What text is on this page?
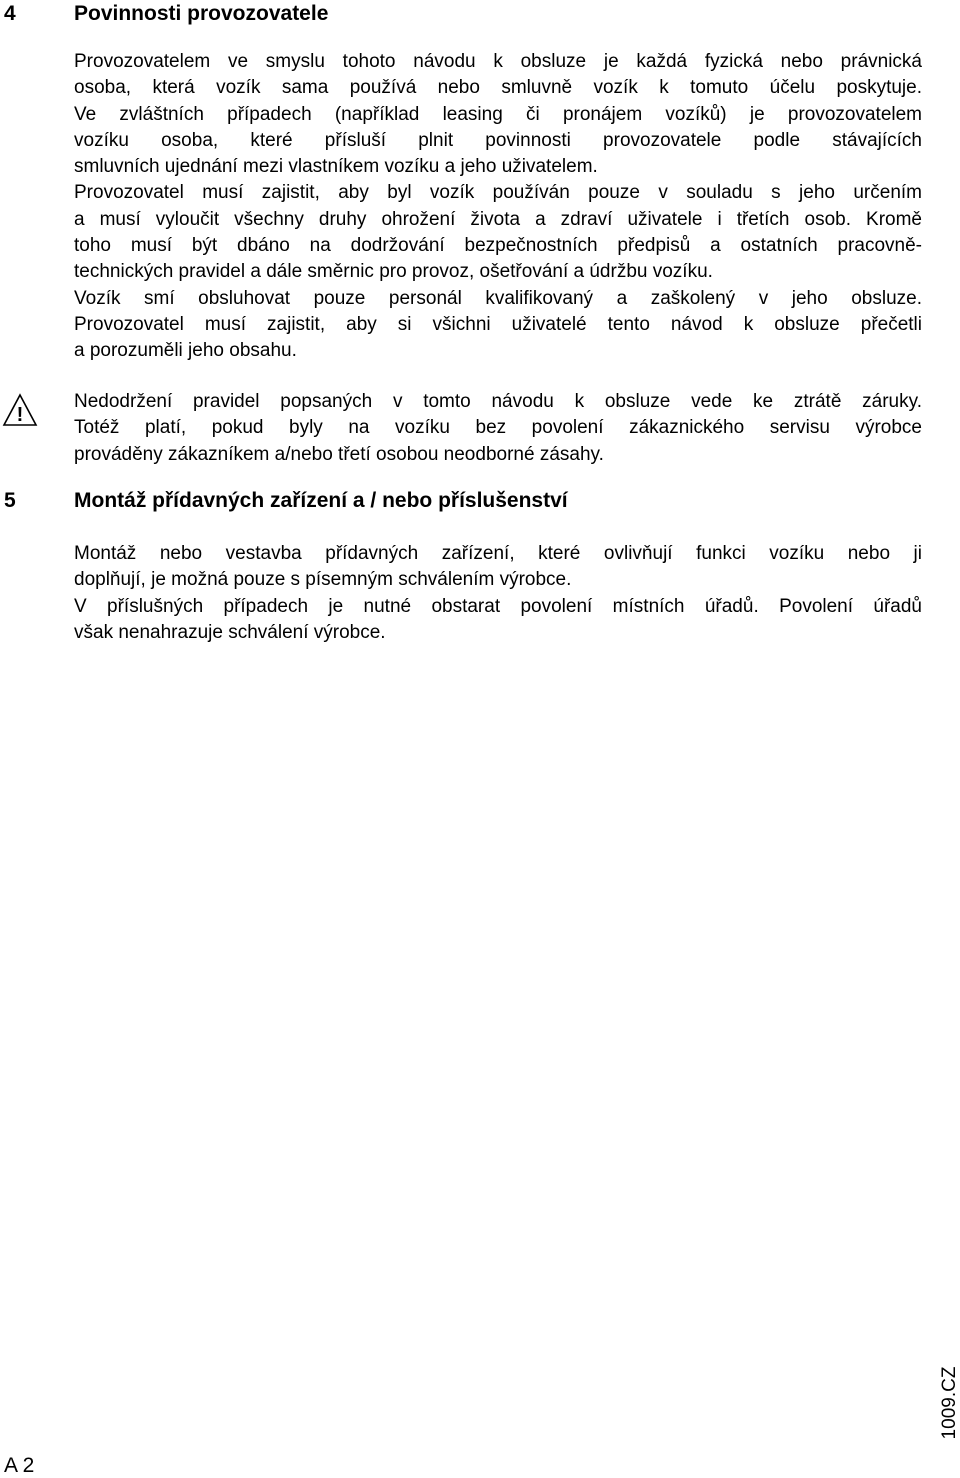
4	Povinnosti provozovatele
Provozovatelem ve smyslu tohoto návodu k obsluze je každá fyzická nebo právnická
osoba, která vozík sama používá nebo smluvně vozík k tomuto účelu poskytuje.
Ve zvláštních případech (například leasing či pronájem vozíků) je provozovatelem
vozíku osoba, které přísluší plnit povinnosti provozovatele podle stávajících
smluvních ujednání mezi vlastníkem vozíku a jeho uživatelem.
Provozovatel musí zajistit, aby byl vozík používán pouze v souladu s jeho určením
a musí vyloučit všechny druhy ohrožení života a zdraví uživatele i třetích osob. Kromě
toho musí být dbáno na dodržování bezpečnostních předpisů a ostatních pracovně-
technických pravidel a dále směrnic pro provoz, ošetřování a údržbu vozíku.
Vozík smí obsluhovat pouze personál kvalifikovaný a zaškolený v jeho obsluze.
Provozovatel musí zajistit, aby si všichni uživatelé tento návod k obsluze přečetli
a porozuměli jeho obsahu.
!
Nedodržení pravidel popsaných v tomto návodu k obsluze vede ke ztrátě záruky.
Totéž platí, pokud byly na vozíku bez povolení zákaznického servisu výrobce
prováděny zákazníkem a/nebo třetí osobou neodborné zásahy.
5	Montáž přídavných zařízení a / nebo příslušenství
Montáž nebo vestavba přídavných zařízení, které ovlivňují funkci vozíku nebo ji
doplňují, je možná pouze s písemným schválením výrobce.
V příslušných případech je nutné obstarat povolení místních úřadů. Povolení úřadů
však nenahrazuje schválení výrobce.
1009.CZ
A 2
